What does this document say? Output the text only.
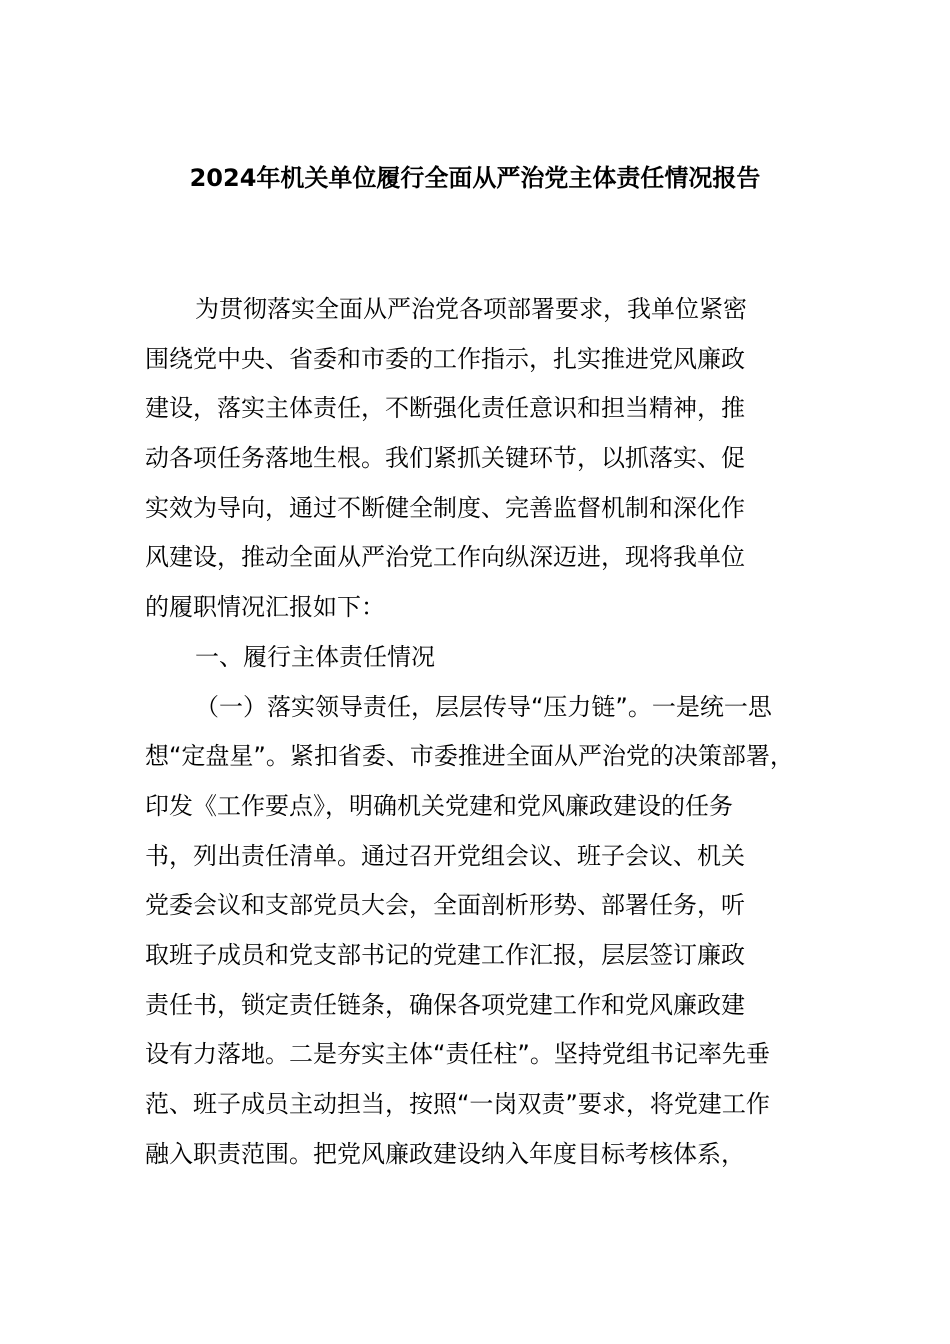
2024年机关单位履行全面从严治党主体责任情况报告
为贯彻落实全面从严治党各项部署要求，我单位紧密
围绕党中央、省委和市委的工作指示，扎实推进党风廉政
建设，落实主体责任，不断强化责任意识和担当精神，推
动各项任务落地生根。我们紧抓关键环节，以抓落实、促
实效为导向，通过不断健全制度、完善监督机制和深化作
风建设，推动全面从严治党工作向纵深迈进，现将我单位
的履职情况汇报如下：
一、履行主体责任情况
（一）落实领导责任，层层传导“压力链”。一是统一思
想“定盘星”。紧扣省委、市委推进全面从严治党的决策部署，
印发《工作要点》，明确机关党建和党风廉政建设的任务
书，列出责任清单。通过召开党组会议、班子会议、机关
党委会议和支部党员大会，全面剖析形势、部署任务，听
取班子成员和党支部书记的党建工作汇报，层层签订廉政
责任书，锁定责任链条，确保各项党建工作和党风廉政建
设有力落地。二是夯实主体“责任柱”。坚持党组书记率先垂
范、班子成员主动担当，按照“一岗双责”要求，将党建工作
融入职责范围。把党风廉政建设纳入年度目标考核体系，
